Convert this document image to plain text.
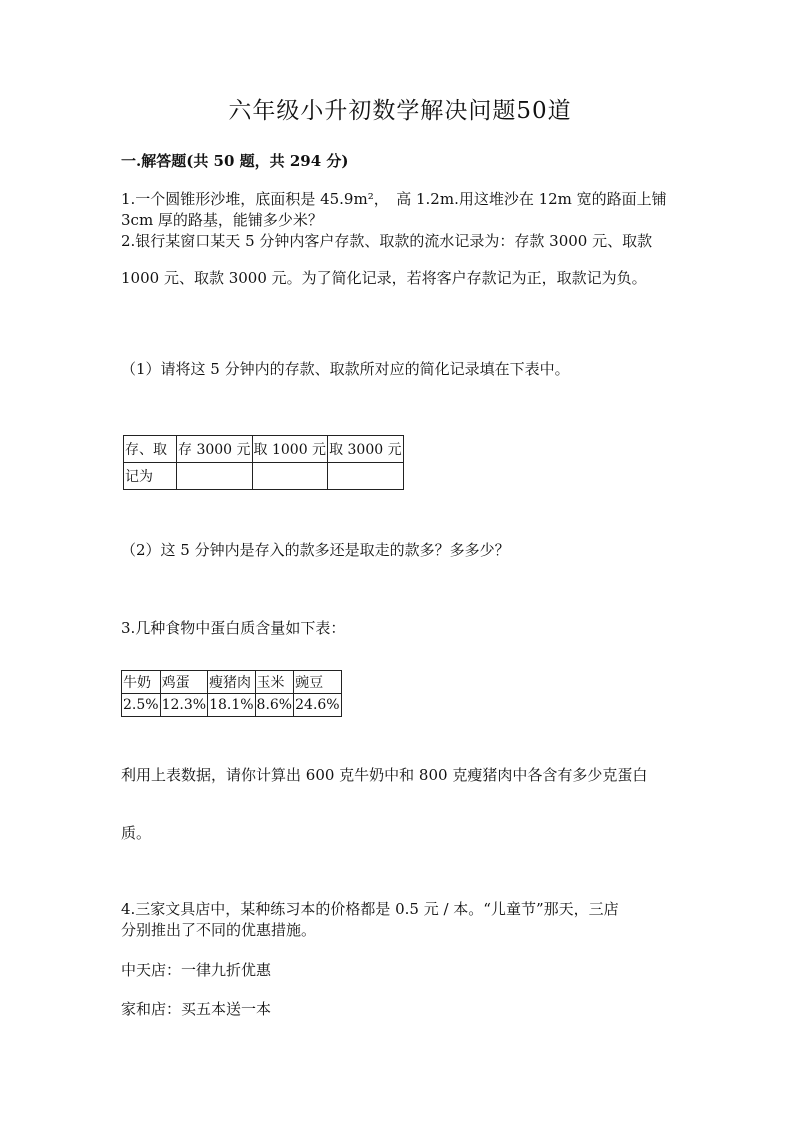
六年级小升初数学解决问题50道
一.解答题(共 50 题，共 294 分)
1.一个圆锥形沙堆，底面积是 45.9m²，　高 1.2m.用这堆沙在 12m 宽的路面上铺
3cm 厚的路基，能铺多少米？
2.银行某窗口某天 5 分钟内客户存款、取款的流水记录为：存款 3000 元、取款
1000 元、取款 3000 元。为了简化记录，若将客户存款记为正，取款记为负。
（1）请将这 5 分钟内的存款、取款所对应的简化记录填在下表中。
存、取	存 3000 元	取 1000 元	取 3000 元
记为			
（2）这 5 分钟内是存入的款多还是取走的款多？多多少？
3.几种食物中蛋白质含量如下表：
牛奶	鸡蛋	瘦猪肉	玉米	豌豆
2.5%	12.3%	18.1%	8.6%	24.6%
利用上表数据，请你计算出 600 克牛奶中和 800 克瘦猪肉中各含有多少克蛋白
质。
4.三家文具店中，某种练习本的价格都是 0.5 元 / 本。“儿童节”那天，三店
分别推出了不同的优惠措施。
中天店：一律九折优惠
家和店：买五本送一本
